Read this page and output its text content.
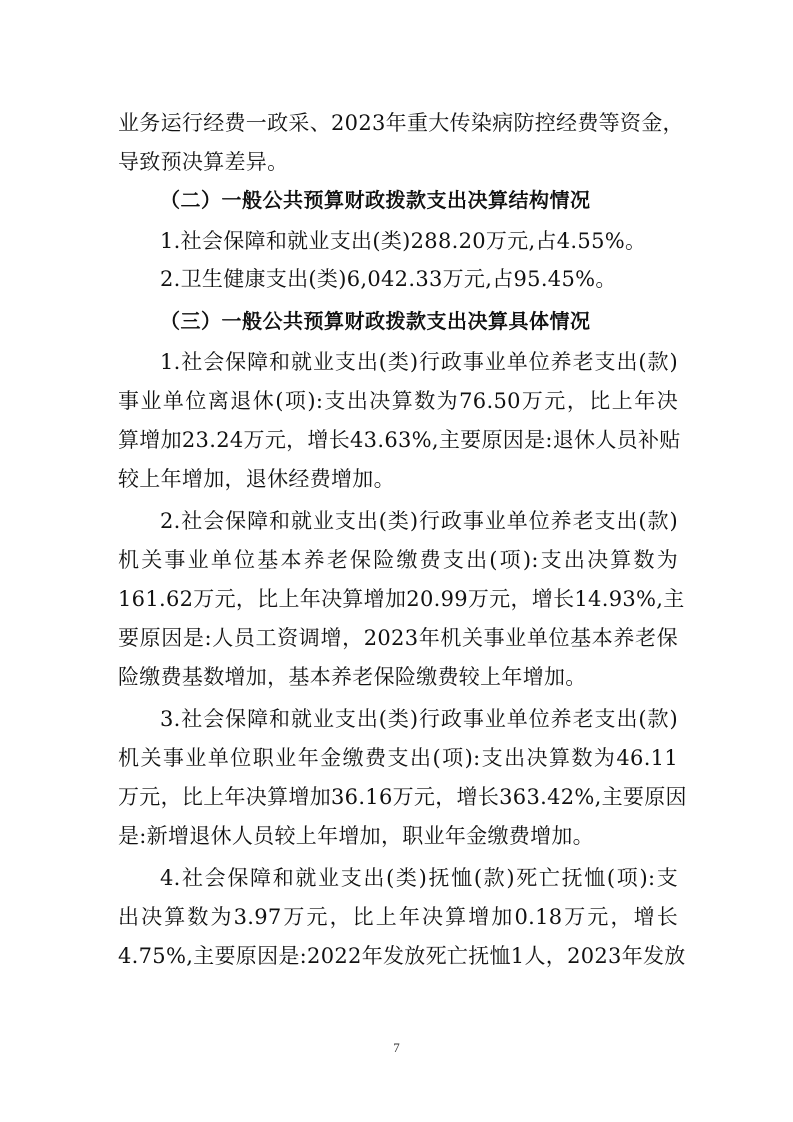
业务运行经费一政采、2023年重大传染病防控经费等资金，
导致预决算差异。
（二）一般公共预算财政拨款支出决算结构情况
1.社会保障和就业支出(类)288.20万元,占4.55%。
2.卫生健康支出(类)6,042.33万元,占95.45%。
（三）一般公共预算财政拨款支出决算具体情况
1.社会保障和就业支出(类)行政事业单位养老支出(款)
事业单位离退休(项):支出决算数为76.50万元，比上年决
算增加23.24万元，增长43.63%,主要原因是:退休人员补贴
较上年增加，退休经费增加。
2.社会保障和就业支出(类)行政事业单位养老支出(款)
机关事业单位基本养老保险缴费支出(项):支出决算数为
161.62万元，比上年决算增加20.99万元，增长14.93%,主
要原因是:人员工资调增，2023年机关事业单位基本养老保
险缴费基数增加，基本养老保险缴费较上年增加。
3.社会保障和就业支出(类)行政事业单位养老支出(款)
机关事业单位职业年金缴费支出(项):支出决算数为46.11
万元，比上年决算增加36.16万元，增长363.42%,主要原因
是:新增退休人员较上年增加，职业年金缴费增加。
4.社会保障和就业支出(类)抚恤(款)死亡抚恤(项):支
出决算数为3.97万元，比上年决算增加0.18万元，增长
4.75%,主要原因是:2022年发放死亡抚恤1人，2023年发放
7
